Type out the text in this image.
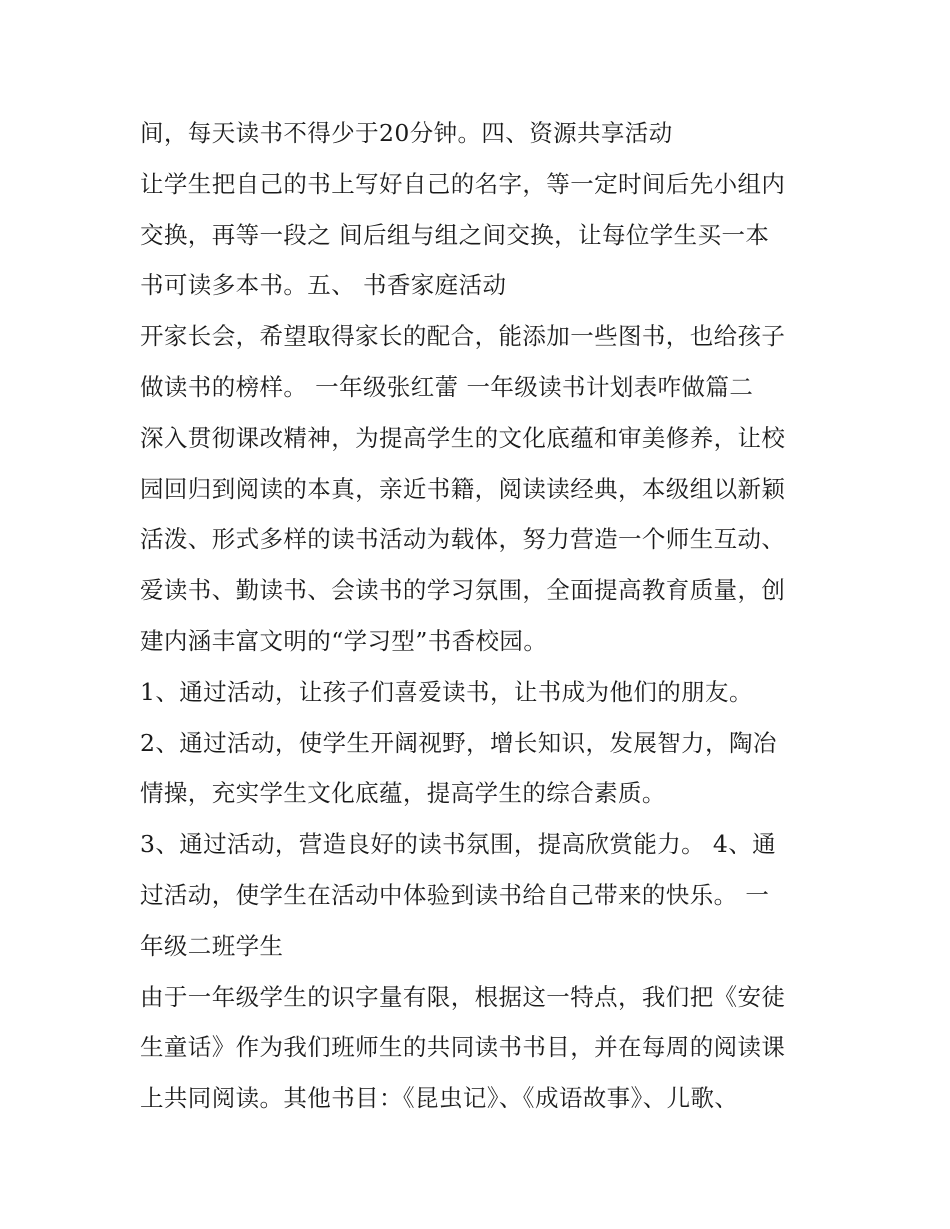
间，每天读书不得少于20分钟。四、资源共享活动
让学生把自己的书上写好自己的名字，等一定时间后先小组内
交换，再等一段之 间后组与组之间交换，让每位学生买一本
书可读多本书。五、 书香家庭活动
开家长会，希望取得家长的配合，能添加一些图书，也给孩子
做读书的榜样。 一年级张红蕾 一年级读书计划表咋做篇二
深入贯彻课改精神，为提高学生的文化底蕴和审美修养，让校
园回归到阅读的本真，亲近书籍，阅读读经典，本级组以新颖
活泼、形式多样的读书活动为载体，努力营造一个师生互动、
爱读书、勤读书、会读书的学习氛围，全面提高教育质量，创
建内涵丰富文明的“学习型”书香校园。
1、通过活动，让孩子们喜爱读书，让书成为他们的朋友。
2、通过活动，使学生开阔视野，增长知识，发展智力，陶冶
情操，充实学生文化底蕴，提高学生的综合素质。
3、通过活动，营造良好的读书氛围，提高欣赏能力。 4、通
过活动，使学生在活动中体验到读书给自己带来的快乐。 一
年级二班学生
由于一年级学生的识字量有限，根据这一特点，我们把《安徒
生童话》作为我们班师生的共同读书书目，并在每周的阅读课
上共同阅读。其他书目：《昆虫记》、《成语故事》、儿歌、
